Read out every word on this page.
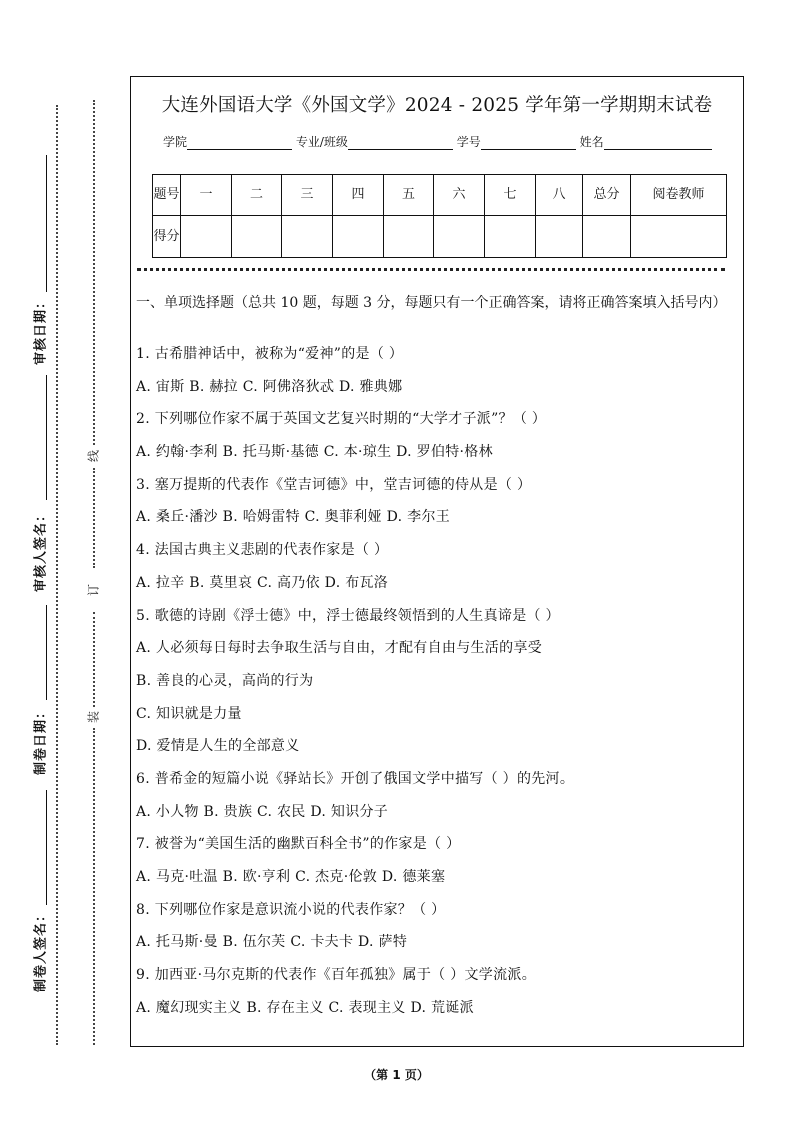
审核日期：
审核人签名：
制卷日期：
制卷人签名：
线
订
装
大连外国语大学《外国文学》2024 - 2025 学年第一学期期末试卷
学院	专业/班级	学号	姓名
题号	一	二	三	四	五	六	七	八	总分	阅卷教师
得分										
一、单项选择题（总共 10 题，每题 3 分，每题只有一个正确答案，请将正确答案填入括号内）
1. 古希腊神话中，被称为“爱神”的是（ ）
A. 宙斯 B. 赫拉 C. 阿佛洛狄忒 D. 雅典娜
2. 下列哪位作家不属于英国文艺复兴时期的“大学才子派”？（ ）
A. 约翰·李利 B. 托马斯·基德 C. 本·琼生 D. 罗伯特·格林
3. 塞万提斯的代表作《堂吉诃德》中，堂吉诃德的侍从是（ ）
A. 桑丘·潘沙 B. 哈姆雷特 C. 奥菲利娅 D. 李尔王
4. 法国古典主义悲剧的代表作家是（ ）
A. 拉辛 B. 莫里哀 C. 高乃依 D. 布瓦洛
5. 歌德的诗剧《浮士德》中，浮士德最终领悟到的人生真谛是（ ）
A. 人必须每日每时去争取生活与自由，才配有自由与生活的享受
B. 善良的心灵，高尚的行为
C. 知识就是力量
D. 爱情是人生的全部意义
6. 普希金的短篇小说《驿站长》开创了俄国文学中描写（ ）的先河。
A. 小人物 B. 贵族 C. 农民 D. 知识分子
7. 被誉为“美国生活的幽默百科全书”的作家是（ ）
A. 马克·吐温 B. 欧·亨利 C. 杰克·伦敦 D. 德莱塞
8. 下列哪位作家是意识流小说的代表作家？（ ）
A. 托马斯·曼 B. 伍尔芙 C. 卡夫卡 D. 萨特
9. 加西亚·马尔克斯的代表作《百年孤独》属于（ ）文学流派。
A. 魔幻现实主义 B. 存在主义 C. 表现主义 D. 荒诞派
（第 1 页）
